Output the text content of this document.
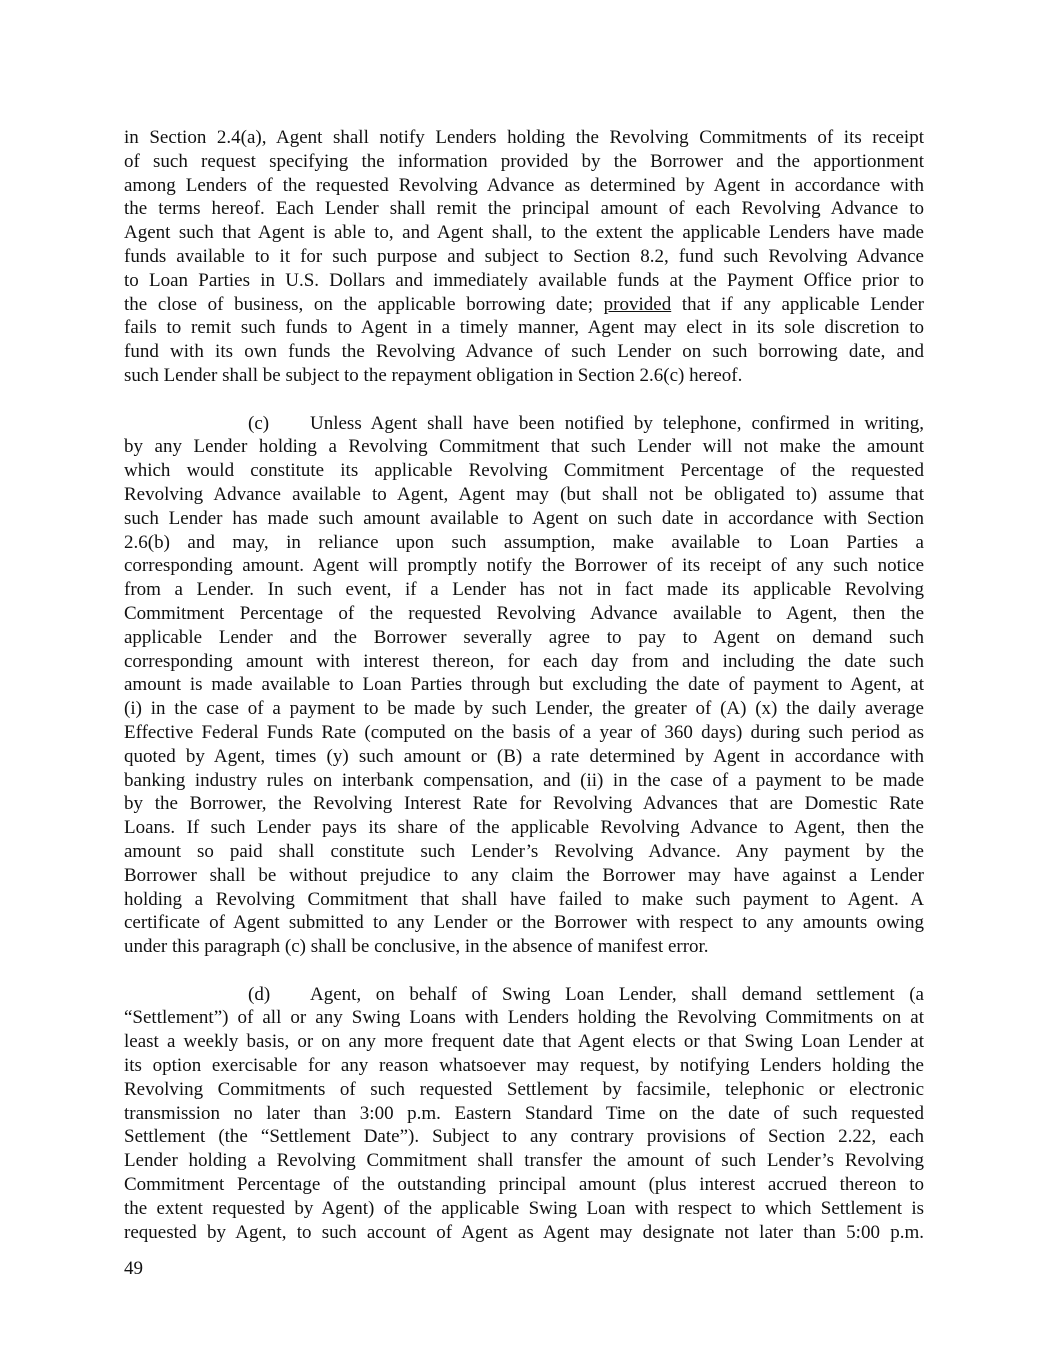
in Section 2.4(a), Agent shall notify Lenders holding the Revolving Commitments of its receipt
of such request specifying the information provided by the Borrower and the apportionment
among Lenders of the requested Revolving Advance as determined by Agent in accordance with
the terms hereof. Each Lender shall remit the principal amount of each Revolving Advance to
Agent such that Agent is able to, and Agent shall, to the extent the applicable Lenders have made
funds available to it for such purpose and subject to Section 8.2, fund such Revolving Advance
to Loan Parties in U.S. Dollars and immediately available funds at the Payment Office prior to
the close of business, on the applicable borrowing date; provided that if any applicable Lender
fails to remit such funds to Agent in a timely manner, Agent may elect in its sole discretion to
fund with its own funds the Revolving Advance of such Lender on such borrowing date, and
such Lender shall be subject to the repayment obligation in Section 2.6(c) hereof.
(c)	Unless Agent shall have been notified by telephone, confirmed in writing,
by any Lender holding a Revolving Commitment that such Lender will not make the amount
which would constitute its applicable Revolving Commitment Percentage of the requested
Revolving Advance available to Agent, Agent may (but shall not be obligated to) assume that
such Lender has made such amount available to Agent on such date in accordance with Section
2.6(b) and may, in reliance upon such assumption, make available to Loan Parties a
corresponding amount. Agent will promptly notify the Borrower of its receipt of any such notice
from a Lender. In such event, if a Lender has not in fact made its applicable Revolving
Commitment Percentage of the requested Revolving Advance available to Agent, then the
applicable Lender and the Borrower severally agree to pay to Agent on demand such
corresponding amount with interest thereon, for each day from and including the date such
amount is made available to Loan Parties through but excluding the date of payment to Agent, at
(i) in the case of a payment to be made by such Lender, the greater of (A) (x) the daily average
Effective Federal Funds Rate (computed on the basis of a year of 360 days) during such period as
quoted by Agent, times (y) such amount or (B) a rate determined by Agent in accordance with
banking industry rules on interbank compensation, and (ii) in the case of a payment to be made
by the Borrower, the Revolving Interest Rate for Revolving Advances that are Domestic Rate
Loans. If such Lender pays its share of the applicable Revolving Advance to Agent, then the
amount so paid shall constitute such Lender’s Revolving Advance. Any payment by the
Borrower shall be without prejudice to any claim the Borrower may have against a Lender
holding a Revolving Commitment that shall have failed to make such payment to Agent. A
certificate of Agent submitted to any Lender or the Borrower with respect to any amounts owing
under this paragraph (c) shall be conclusive, in the absence of manifest error.
(d)	Agent, on behalf of Swing Loan Lender, shall demand settlement (a
“Settlement”) of all or any Swing Loans with Lenders holding the Revolving Commitments on at
least a weekly basis, or on any more frequent date that Agent elects or that Swing Loan Lender at
its option exercisable for any reason whatsoever may request, by notifying Lenders holding the
Revolving Commitments of such requested Settlement by facsimile, telephonic or electronic
transmission no later than 3:00 p.m. Eastern Standard Time on the date of such requested
Settlement (the “Settlement Date”). Subject to any contrary provisions of Section 2.22, each
Lender holding a Revolving Commitment shall transfer the amount of such Lender’s Revolving
Commitment Percentage of the outstanding principal amount (plus interest accrued thereon to
the extent requested by Agent) of the applicable Swing Loan with respect to which Settlement is
requested by Agent, to such account of Agent as Agent may designate not later than 5:00 p.m.
49
